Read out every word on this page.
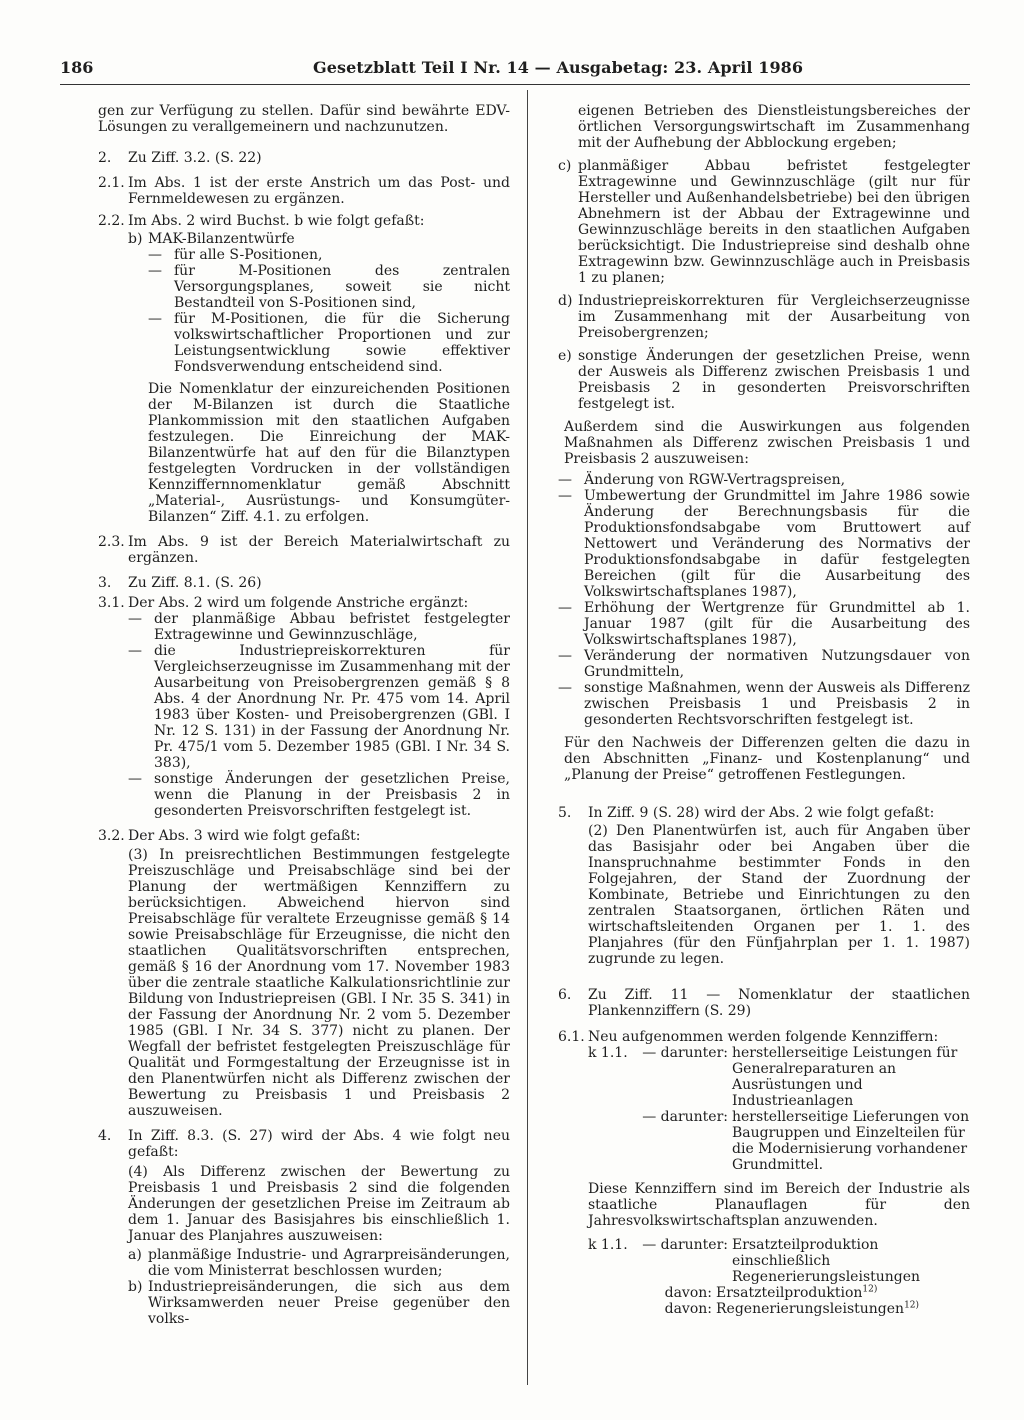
186	Gesetzblatt Teil I Nr. 14 — Ausgabetag: 23. April 1986

gen zur Verfügung zu stellen. Dafür sind bewährte EDV-Lösungen zu verallgemeinern und nachzunutzen.

2.	Zu Ziff. 3.2. (S. 22)
2.1. Im Abs. 1 ist der erste Anstrich um das Post- und Fernmeldewesen zu ergänzen.
2.2. Im Abs. 2 wird Buchst. b wie folgt gefaßt:
b) MAK-Bilanzentwürfe

— für alle S-Positionen,
— für M-Positionen des zentralen Versorgungsplanes, soweit sie nicht Bestandteil von S-Positionen sind,
— für M-Positionen, die für die Sicherung volkswirtschaftlicher Proportionen und zur Leistungsentwicklung sowie effektiver Fondsverwendung entscheidend sind.

Die Nomenklatur der einzureichenden Positionen der M-Bilanzen ist durch die Staatliche Plankommission mit den staatlichen Aufgaben festzulegen. Die Einreichung der MAK-Bilanzentwürfe hat auf den für die Bilanztypen festgelegten Vordrucken in der vollständigen Kennziffernnomenklatur gemäß Abschnitt „Material-, Ausrüstungs- und Konsumgüter-Bilanzen“ Ziff. 4.1. zu erfolgen.

2.3. Im Abs. 9 ist der Bereich Materialwirtschaft zu ergänzen.
3.	Zu Ziff. 8.1. (S. 26)
3.1. Der Abs. 2 wird um folgende Anstriche ergänzt:
— der planmäßige Abbau befristet festgelegter Extragewinne und Gewinnzuschläge,
— die Industriepreiskorrekturen für Vergleichserzeugnisse im Zusammenhang mit der Ausarbeitung von Preisobergrenzen gemäß § 8 Abs. 4 der Anordnung Nr. Pr. 475 vom 14. April 1983 über Kosten- und Preisobergrenzen (GBl. I Nr. 12 S. 131) in der Fassung der Anordnung Nr. Pr. 475/1 vom 5. Dezember 1985 (GBl. I Nr. 34 S. 383),
— sonstige Änderungen der gesetzlichen Preise, wenn die Planung in der Preisbasis 2 in gesonderten Preisvorschriften festgelegt ist.
3.2. Der Abs. 3 wird wie folgt gefaßt:

(3) In preisrechtlichen Bestimmungen festgelegte Preiszuschläge und Preisabschläge sind bei der Planung der wertmäßigen Kennziffern zu berücksichtigen. Abweichend hiervon sind Preisabschläge für veraltete Erzeugnisse gemäß § 14 sowie Preisabschläge für Erzeugnisse, die nicht den staatlichen Qualitätsvorschriften entsprechen, gemäß § 16 der Anordnung vom 17. November 1983 über die zentrale staatliche Kalkulationsrichtlinie zur Bildung von Industriepreisen (GBl. I Nr. 35 S. 341) in der Fassung der Anordnung Nr. 2 vom 5. Dezember 1985 (GBl. I Nr. 34 S. 377) nicht zu planen. Der Wegfall der befristet festgelegten Preiszuschläge für Qualität und Formgestaltung der Erzeugnisse ist in den Planentwürfen nicht als Differenz zwischen der Bewertung zu Preisbasis 1 und Preisbasis 2 auszuweisen.

4.	In Ziff. 8.3. (S. 27) wird der Abs. 4 wie folgt neu gefaßt:

(4) Als Differenz zwischen der Bewertung zu Preisbasis 1 und Preisbasis 2 sind die folgenden Änderungen der gesetzlichen Preise im Zeitraum ab dem 1. Januar des Basisjahres bis einschließlich 1. Januar des Planjahres auszuweisen:

a) planmäßige Industrie- und Agrarpreisänderungen, die vom Ministerrat beschlossen wurden;
b) Industriepreisänderungen, die sich aus dem Wirksamwerden neuer Preise gegenüber den volks-

eigenen Betrieben des Dienstleistungsbereiches der örtlichen Versorgungswirtschaft im Zusammenhang mit der Aufhebung der Abblockung ergeben;

c) planmäßiger Abbau befristet festgelegter Extragewinne und Gewinnzuschläge (gilt nur für Hersteller und Außenhandelsbetriebe) bei den übrigen Abnehmern ist der Abbau der Extragewinne und Gewinnzuschläge bereits in den staatlichen Aufgaben berücksichtigt. Die Industriepreise sind deshalb ohne Extragewinn bzw. Gewinnzuschläge auch in Preisbasis 1 zu planen;
d) Industriepreiskorrekturen für Vergleichserzeugnisse im Zusammenhang mit der Ausarbeitung von Preisobergrenzen;
e) sonstige Änderungen der gesetzlichen Preise, wenn der Ausweis als Differenz zwischen Preisbasis 1 und Preisbasis 2 in gesonderten Preisvorschriften festgelegt ist.

Außerdem sind die Auswirkungen aus folgenden Maßnahmen als Differenz zwischen Preisbasis 1 und Preisbasis 2 auszuweisen:

— Änderung von RGW-Vertragspreisen,
— Umbewertung der Grundmittel im Jahre 1986 sowie Änderung der Berechnungsbasis für die Produktionsfondsabgabe vom Bruttowert auf Nettowert und Veränderung des Normativs der Produktionsfondsabgabe in dafür festgelegten Bereichen (gilt für die Ausarbeitung des Volkswirtschaftsplanes 1987),
— Erhöhung der Wertgrenze für Grundmittel ab 1. Januar 1987 (gilt für die Ausarbeitung des Volkswirtschaftsplanes 1987),
— Veränderung der normativen Nutzungsdauer von Grundmitteln,
— sonstige Maßnahmen, wenn der Ausweis als Differenz zwischen Preisbasis 1 und Preisbasis 2 in gesonderten Rechtsvorschriften festgelegt ist.

Für den Nachweis der Differenzen gelten die dazu in den Abschnitten „Finanz- und Kostenplanung“ und „Planung der Preise“ getroffenen Festlegungen.

5.	In Ziff. 9 (S. 28) wird der Abs. 2 wie folgt gefaßt:

(2) Den Planentwürfen ist, auch für Angaben über das Basisjahr oder bei Angaben über die Inanspruchnahme bestimmter Fonds in den Folgejahren, der Stand der Zuordnung der Kombinate, Betriebe und Einrichtungen zu den zentralen Staatsorganen, örtlichen Räten und wirtschaftsleitenden Organen per 1. 1. des Planjahres (für den Fünfjahrplan per 1. 1. 1987) zugrunde zu legen.

6.	Zu Ziff. 11 — Nomenklatur der staatlichen Plankennziffern (S. 29)
6.1. Neu aufgenommen werden folgende Kennziffern:
k 1.1.	— darunter: herstellerseitige Leistungen für Generalreparaturen an Ausrüstungen und Industrieanlagen
— darunter: herstellerseitige Lieferungen von Baugruppen und Einzelteilen für die Modernisierung vorhandener Grundmittel.

Diese Kennziffern sind im Bereich der Industrie als staatliche Planauflagen für den Jahresvolkswirtschaftsplan anzuwenden.

k 1.1.	— darunter: Ersatzteilproduktion einschließlich Regenerierungsleistungen
davon: Ersatzteilproduktion$^{12)}$
davon: Regenerierungsleistungen$^{12)}$
